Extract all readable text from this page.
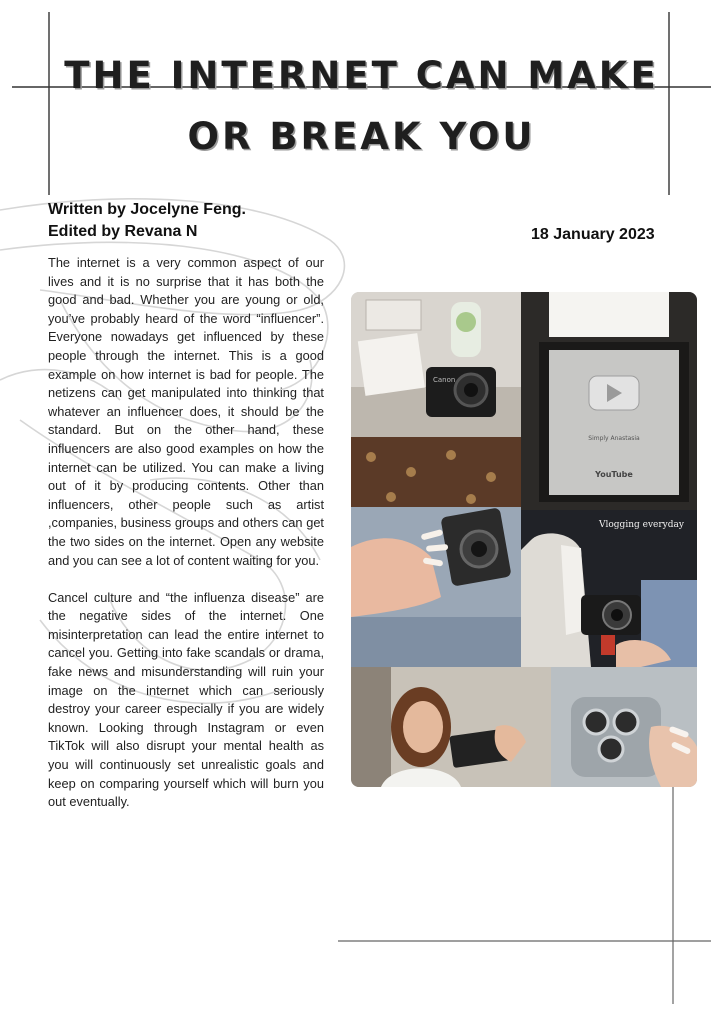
THE INTERNET CAN MAKE
OR BREAK YOU
Written by Jocelyne Feng.
Edited by Revana N	18 January 2023

The internet is a very common aspect of our lives and it is no surprise that it has both the good and bad. Whether you are young or old, you’ve probably heard of the word “influencer”. Everyone nowadays get influenced by these people through the internet. This is a good example on how internet is bad for people. The netizens can get manipulated into thinking that whatever an influencer does, it should be the standard. But on the other hand, these influencers are also good examples on how the internet can be utilized. You can make a living out of it by producing contents. Other than influencers, other people such as artist ,companies, business groups and others can get the two sides on the internet. Open any website and you can see a lot of content waiting for you.

Cancel culture and “the influenza disease” are the negative sides of the internet. One misinterpretation can lead the entire internet to cancel you. Getting into fake scandals or drama, fake news and misunderstanding will ruin your image on the internet which can seriously destroy your career especially if you are widely known. Looking through Instagram or even TikTok will also disrupt your mental health as you will continuously set unrealistic goals and keep on comparing yourself which will burn you out eventually.

Canon
Simply Anastasia
YouTube
Vlogging everyday
